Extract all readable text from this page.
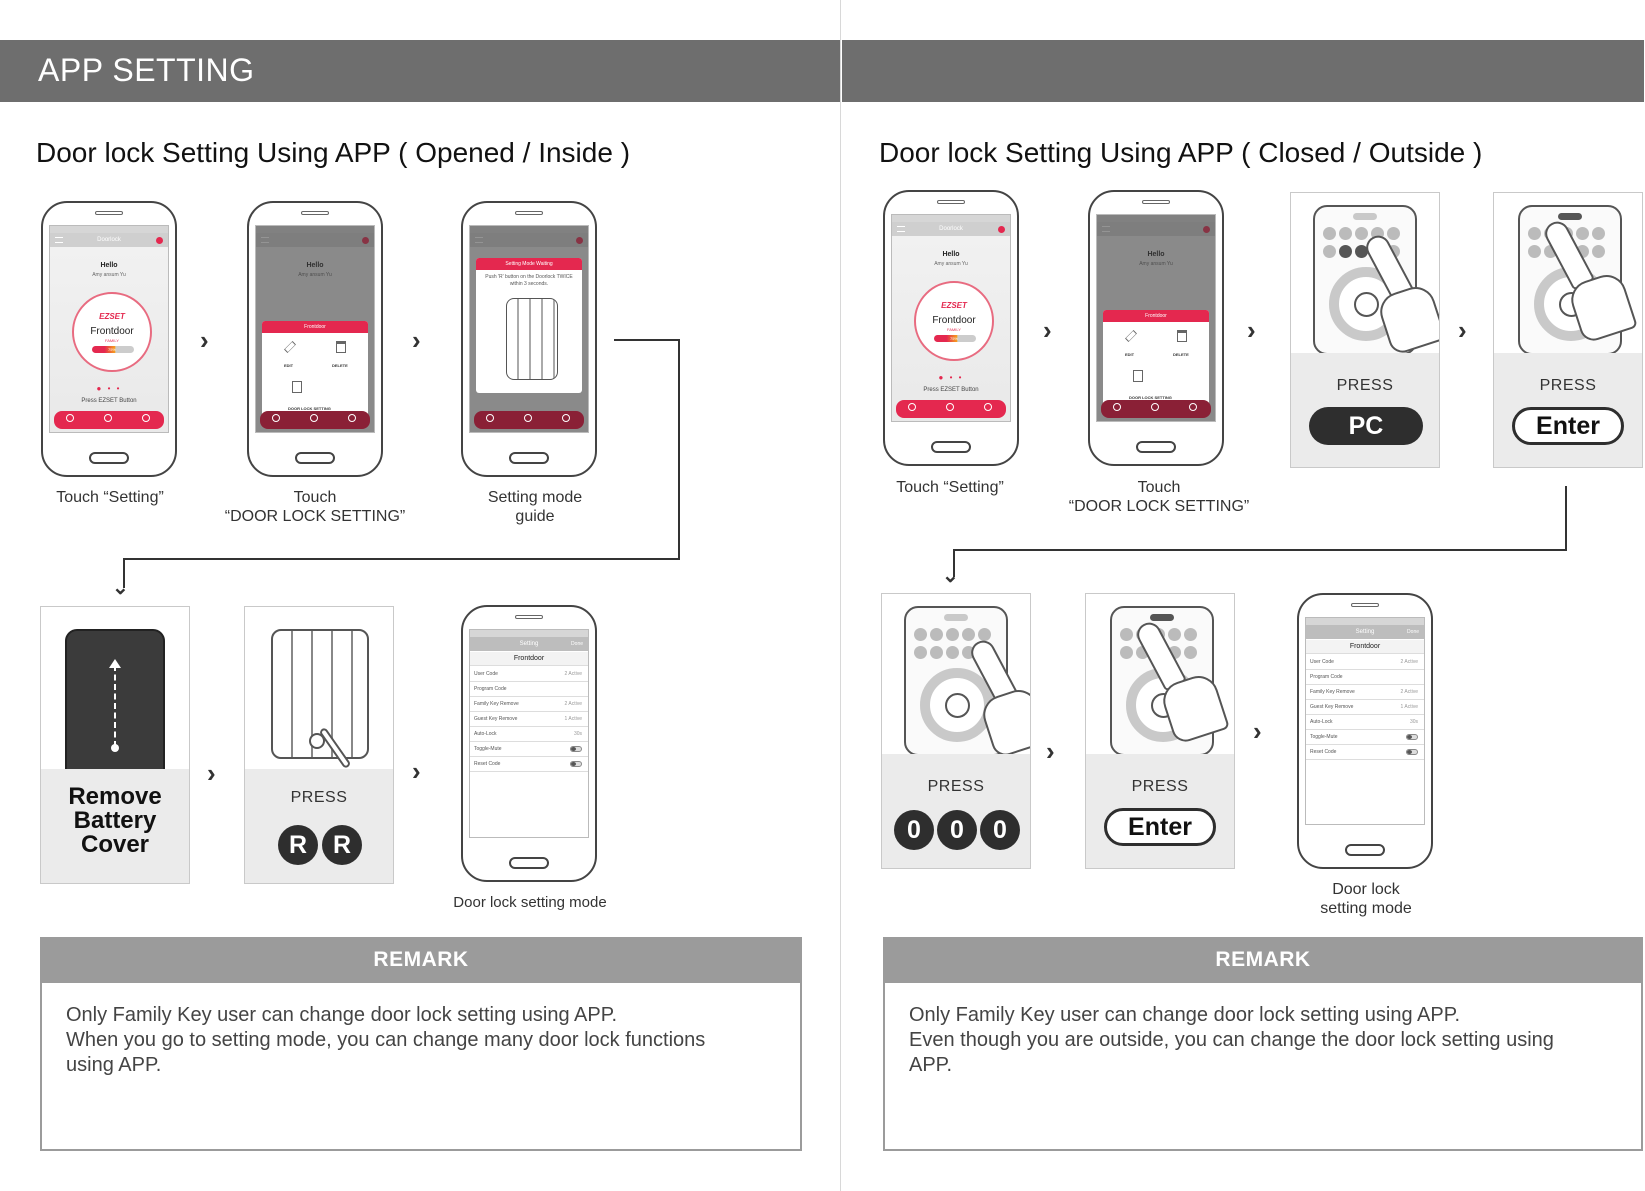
APP SETTING
Door lock Setting Using APP ( Opened / Inside )	Door lock Setting Using APP ( Closed / Outside )
Doorlock
Hello
Amy ansum Yu
EZSET
Frontdoor
FAMILY
75%
● • •
Press EZSET Button
Frontdoor
EDIT	DELETE
DOOR LOCK SETTING
Setting Mode Waiting
Push 'R' button on the Doorlock TWICE within 3 seconds.
Touch “Setting”	Touch
“DOOR LOCK SETTING”
Setting mode
guide
›	›
⌄
Remove
Battery
Cover
PRESS
R	R
Setting	Done
Frontdoor
User Code	2 Active
Program Code
Family Key Remove	2 Active
Guest Key Remove	1 Active
Auto-Lock	30s
Toggle-Mute
Reset Code
›	›
Door lock setting mode
REMARK
Only Family Key user can change door lock setting using APP.
When you go to setting mode, you can change many door lock functions
using APP.
Doorlock
Hello
Amy ansum Yu
EZSET
Frontdoor
FAMILY
75%
● • •
Press EZSET Button
Frontdoor
EDIT	DELETE
DOOR LOCK SETTING
Touch “Setting”	Touch
“DOOR LOCK SETTING”
›	›	›
PRESS
PC
PRESS
Enter
⌄
PRESS
0	0	0
PRESS
Enter
Setting	Done
Frontdoor
User Code	2 Active
Program Code
Family Key Remove	2 Active
Guest Key Remove	1 Active
Auto-Lock	30s
Toggle-Mute
Reset Code
›
›
Door lock
setting mode
REMARK
Only Family Key user can change door lock setting using APP.
Even though you are outside, you can change the door lock setting using
APP.
